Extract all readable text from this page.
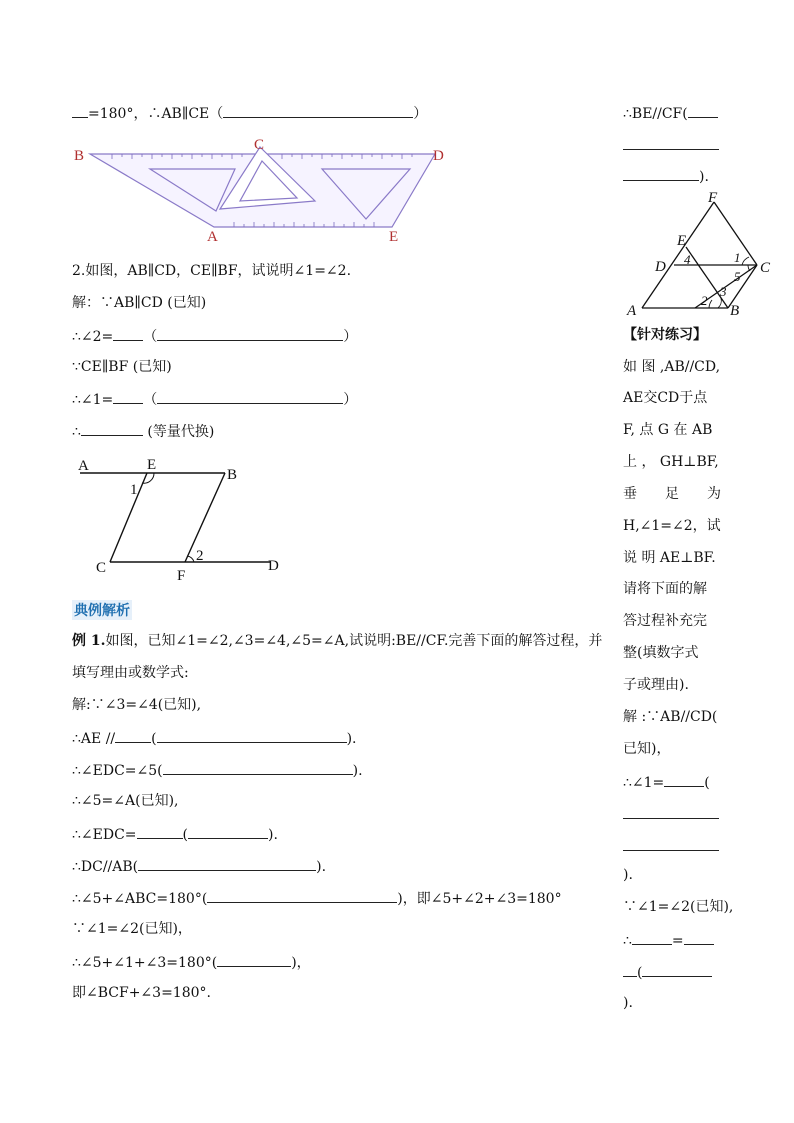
=180°，∴AB∥CE（	）
B
C
D
A	E
2.如图，AB∥CD，CE∥BF，试说明∠1=∠2.
解：∵AB∥CD (已知)
∴∠2= （	）
∵CE∥BF (已知)
∴∠1= （	）
∴	(等量代换)
A	E
B
1
C	F
2
D
典例解析
例 1.如图，已知∠1=∠2,∠3=∠4,∠5=∠A,试说明:BE//CF.完善下面的解答过程，并
填写理由或数学式:
解:∵∠3=∠4(已知),
∴AE //	(	).
∴∠EDC=∠5(	).
∴∠5=∠A(已知),
∴∠EDC=	(	).
∴DC//AB(	).
∴∠5+∠ABC=180°(	)，即∠5+∠2+∠3=180°
∵∠1=∠2(已知)，
∴∠5+∠1+∠3=180°(	)，
即∠BCF+∠3=180°.
∴BE//CF(
).
F
E
D	C
A	B
1
2
3
4
5
【针对练习】
如 图 ,AB//CD,
AE交CD于点
F, 点 G 在 AB
上 ， GH⊥BF,
垂　　足　　为
H,∠1=∠2，试
说 明 AE⊥BF.
请将下面的解
答过程补充完
整(填数字式
子或理由).
解 :∵AB//CD(
已知)，
∴∠1=	(
).
∵∠1=∠2(已知),
∴	=
(
).
